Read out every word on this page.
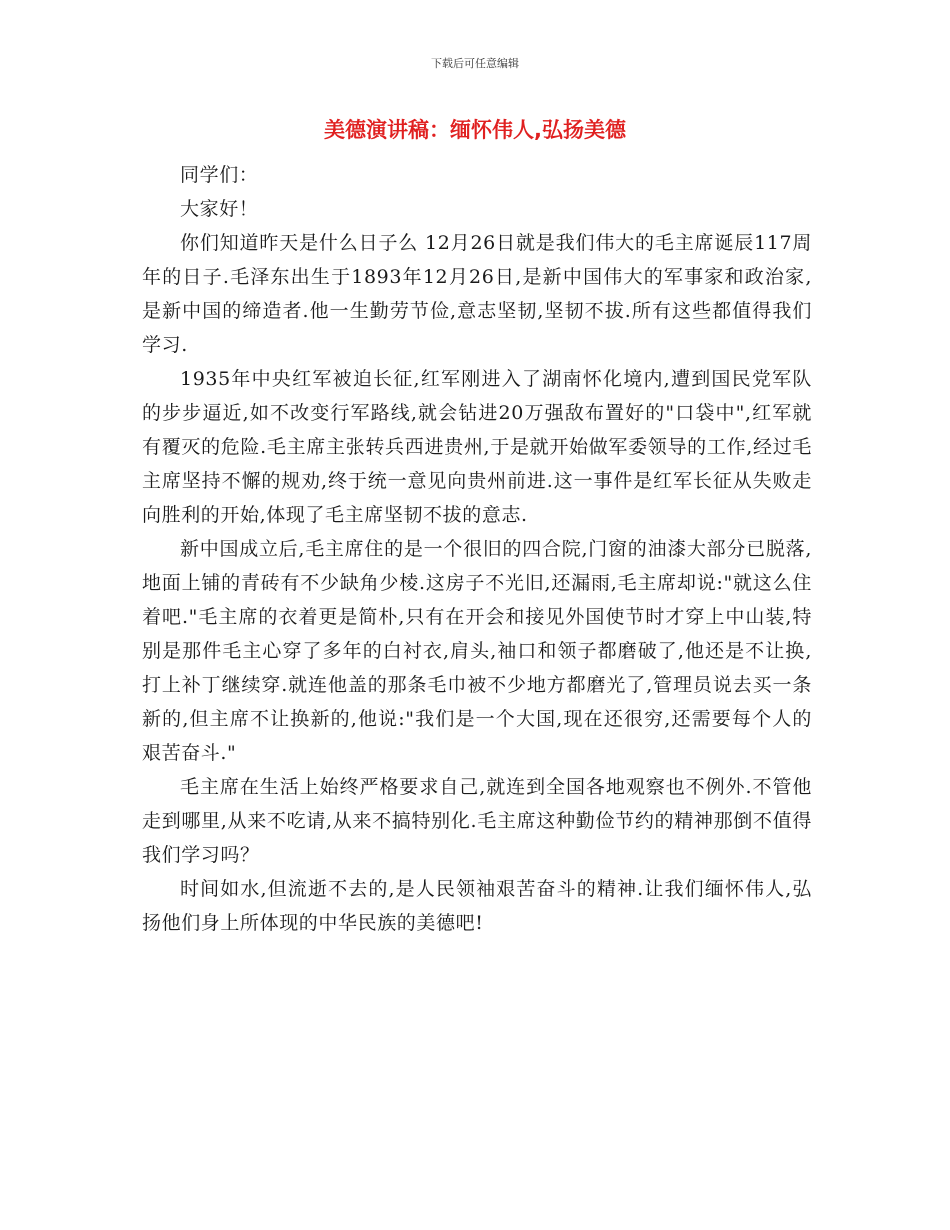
下载后可任意编辑
美德演讲稿：缅怀伟人,弘扬美德

同学们：

大家好！

你们知道昨天是什么日子么 12月26日就是我们伟大的毛主席诞辰117周年的日子.毛泽东出生于1893年12月26日,是新中国伟大的军事家和政治家,是新中国的缔造者.他一生勤劳节俭,意志坚韧,坚韧不拔.所有这些都值得我们学习.

1935年中央红军被迫长征,红军刚进入了湖南怀化境内,遭到国民党军队的步步逼近,如不改变行军路线,就会钻进20万强敌布置好的"口袋中",红军就有覆灭的危险.毛主席主张转兵西进贵州,于是就开始做军委领导的工作,经过毛主席坚持不懈的规劝,终于统一意见向贵州前进.这一事件是红军长征从失败走向胜利的开始,体现了毛主席坚韧不拔的意志.

新中国成立后,毛主席住的是一个很旧的四合院,门窗的油漆大部分已脱落,地面上铺的青砖有不少缺角少棱.这房子不光旧,还漏雨,毛主席却说:"就这么住着吧."毛主席的衣着更是简朴,只有在开会和接见外国使节时才穿上中山装,特别是那件毛主心穿了多年的白衬衣,肩头,袖口和领子都磨破了,他还是不让换,打上补丁继续穿.就连他盖的那条毛巾被不少地方都磨光了,管理员说去买一条新的,但主席不让换新的,他说:"我们是一个大国,现在还很穷,还需要每个人的艰苦奋斗."

毛主席在生活上始终严格要求自己,就连到全国各地观察也不例外.不管他走到哪里,从来不吃请,从来不搞特别化.毛主席这种勤俭节约的精神那倒不值得我们学习吗？

时间如水,但流逝不去的,是人民领袖艰苦奋斗的精神.让我们缅怀伟人,弘扬他们身上所体现的中华民族的美德吧!
